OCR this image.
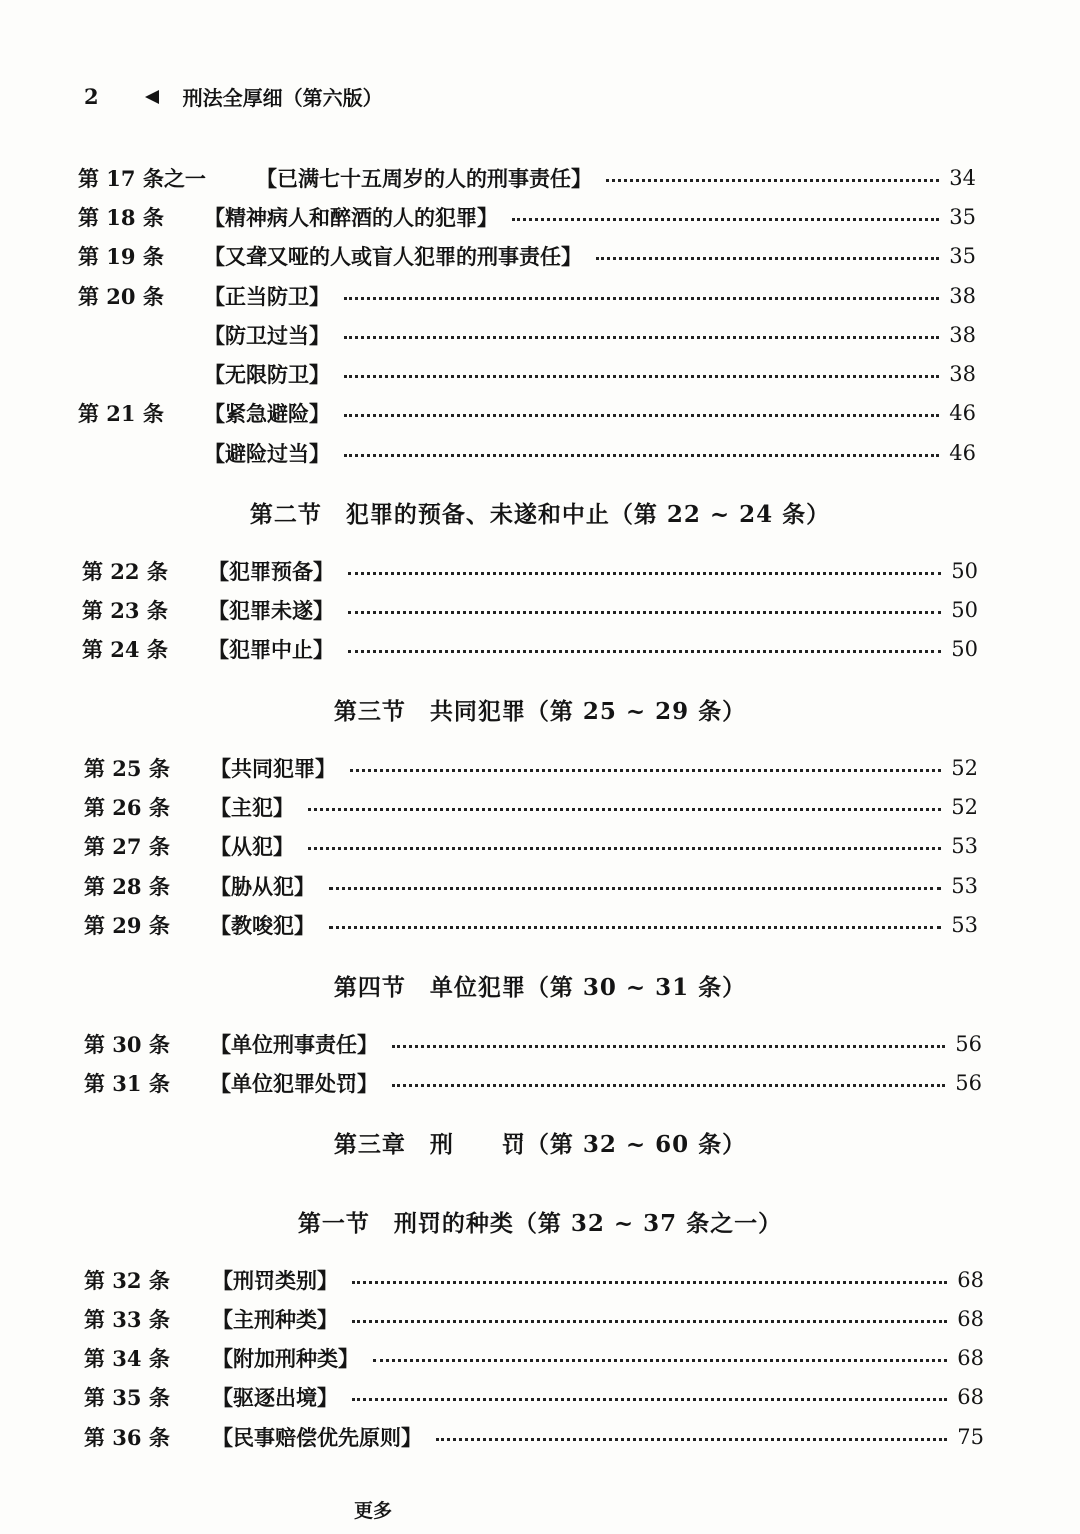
2	刑法全厚细（第六版）
第 17 条之一	【已满七十五周岁的人的刑事责任】	34
第 18 条	【精神病人和醉酒的人的犯罪】	35
第 19 条	【又聋又哑的人或盲人犯罪的刑事责任】	35
第 20 条	【正当防卫】	38
【防卫过当】	38
【无限防卫】	38
第 21 条	【紧急避险】	46
【避险过当】	46
第二节　犯罪的预备、未遂和中止（第 22 ~ 24 条）
第 22 条	【犯罪预备】	50
第 23 条	【犯罪未遂】	50
第 24 条	【犯罪中止】	50
第三节　共同犯罪（第 25 ~ 29 条）
第 25 条	【共同犯罪】	52
第 26 条	【主犯】	52
第 27 条	【从犯】	53
第 28 条	【胁从犯】	53
第 29 条	【教唆犯】	53
第四节　单位犯罪（第 30 ~ 31 条）
第 30 条	【单位刑事责任】	56
第 31 条	【单位犯罪处罚】	56
第三章　刑　　罚（第 32 ~ 60 条）
第一节　刑罚的种类（第 32 ~ 37 条之一）
第 32 条	【刑罚类别】	68
第 33 条	【主刑种类】	68
第 34 条	【附加刑种类】	68
第 35 条	【驱逐出境】	68
第 36 条	【民事赔偿优先原则】	75
更多
